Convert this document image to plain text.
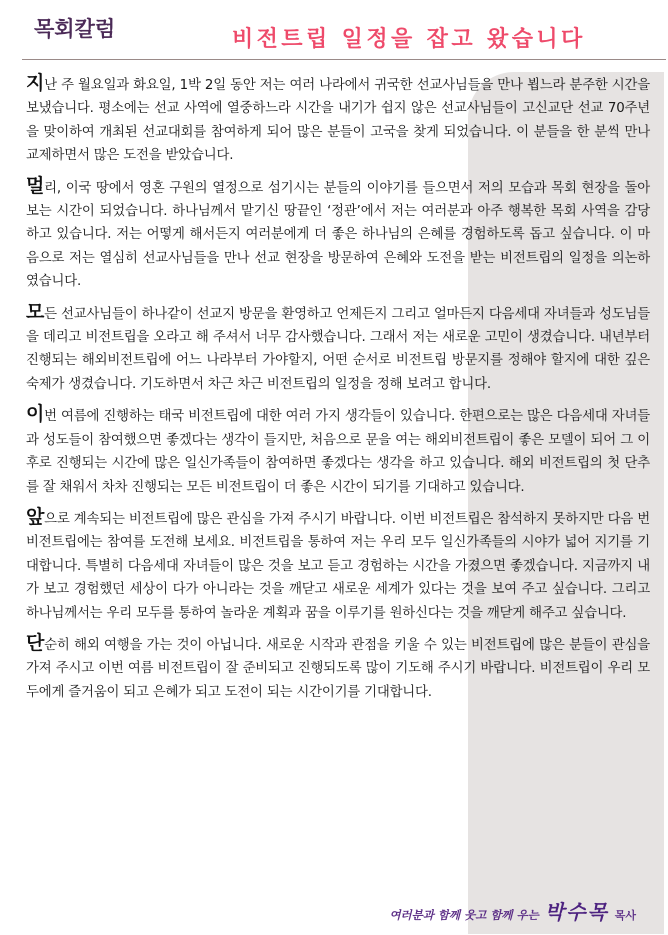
목회칼럼	비전트립 일정을 잡고 왔습니다

지난 주 월요일과 화요일, 1박 2일 동안 저는 여러 나라에서 귀국한 선교사님들을 만나 뵙느라 분주한 시간을 보냈습니다. 평소에는 선교 사역에 열중하느라 시간을 내기가 쉽지 않은 선교사님들이 고신교단 선교 70주년을 맞이하여 개최된 선교대회를 참여하게 되어 많은 분들이 고국을 찾게 되었습니다. 이 분들을 한 분씩 만나 교제하면서 많은 도전을 받았습니다.

멀리, 이국 땅에서 영혼 구원의 열정으로 섬기시는 분들의 이야기를 들으면서 저의 모습과 목회 현장을 돌아 보는 시간이 되었습니다. 하나님께서 맡기신 땅끝인 ‘정관’에서 저는 여러분과 아주 행복한 목회 사역을 감당하고 있습니다. 저는 어떻게 해서든지 여러분에게 더 좋은 하나님의 은혜를 경험하도록 돕고 싶습니다. 이 마음으로 저는 열심히 선교사님들을 만나 선교 현장을 방문하여 은혜와 도전을 받는 비전트립의 일정을 의논하였습니다.

모든 선교사님들이 하나같이 선교지 방문을 환영하고 언제든지 그리고 얼마든지 다음세대 자녀들과 성도님들을 데리고 비전트립을 오라고 해 주셔서 너무 감사했습니다. 그래서 저는 새로운 고민이 생겼습니다. 내년부터 진행되는 해외비전트립에 어느 나라부터 가야할지, 어떤 순서로 비전트립 방문지를 정해야 할지에 대한 깊은 숙제가 생겼습니다. 기도하면서 차근 차근 비전트립의 일정을 정해 보려고 합니다.

이번 여름에 진행하는 태국 비전트립에 대한 여러 가지 생각들이 있습니다. 한편으로는 많은 다음세대 자녀들과 성도들이 참여했으면 좋겠다는 생각이 들지만, 처음으로 문을 여는 해외비전트립이 좋은 모델이 되어 그 이후로 진행되는 시간에 많은 일신가족들이 참여하면 좋겠다는 생각을 하고 있습니다. 해외 비전트립의 첫 단추를 잘 채워서 차차 진행되는 모든 비전트립이 더 좋은 시간이 되기를 기대하고 있습니다.

앞으로 계속되는 비전트립에 많은 관심을 가져 주시기 바랍니다. 이번 비전트립은 참석하지 못하지만 다음 번 비전트립에는 참여를 도전해 보세요. 비전트립을 통하여 저는 우리 모두 일신가족들의 시야가 넓어 지기를 기대합니다. 특별히 다음세대 자녀들이 많은 것을 보고 듣고 경험하는 시간을 가졌으면 좋겠습니다. 지금까지 내가 보고 경험했던 세상이 다가 아니라는 것을 깨닫고 새로운 세계가 있다는 것을 보여 주고 싶습니다. 그리고 하나님께서는 우리 모두를 통하여 놀라운 계획과 꿈을 이루기를 원하신다는 것을 깨닫게 해주고 싶습니다.

단순히 해외 여행을 가는 것이 아닙니다. 새로운 시작과 관점을 키울 수 있는 비전트립에 많은 분들이 관심을 가져 주시고 이번 여름 비전트립이 잘 준비되고 진행되도록 많이 기도해 주시기 바랍니다. 비전트립이 우리 모두에게 즐거움이 되고 은혜가 되고 도전이 되는 시간이기를 기대합니다.

여러분과 함께 웃고 함께 우는 박수목 목사
